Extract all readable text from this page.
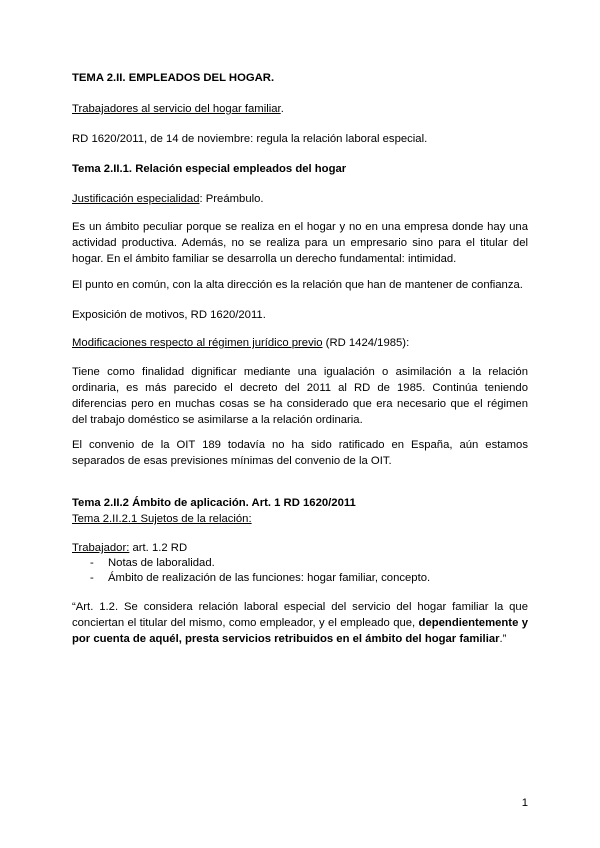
TEMA 2.II. EMPLEADOS DEL HOGAR.

Trabajadores al servicio del hogar familiar.

RD 1620/2011, de 14 de noviembre: regula la relación laboral especial.

Tema 2.II.1. Relación especial empleados del hogar

Justificación especialidad: Preámbulo.

Es un ámbito peculiar porque se realiza en el hogar y no en una empresa donde hay una actividad productiva. Además, no se realiza para un empresario sino para el titular del hogar. En el ámbito familiar se desarrolla un derecho fundamental: intimidad.

El punto en común, con la alta dirección es la relación que han de mantener de confianza.

Exposición de motivos, RD 1620/2011.

Modificaciones respecto al régimen jurídico previo (RD 1424/1985):

Tiene como finalidad dignificar mediante una igualación o asimilación a la relación ordinaria, es más parecido el decreto del 2011 al RD de 1985. Continúa teniendo diferencias pero en muchas cosas se ha considerado que era necesario que el régimen del trabajo doméstico se asimilarse a la relación ordinaria.

El convenio de la OIT 189 todavía no ha sido ratificado en España, aún estamos separados de esas previsiones mínimas del convenio de la OIT.

Tema 2.II.2 Ámbito de aplicación. Art. 1 RD 1620/2011

Tema 2.II.2.1 Sujetos de la relación:

Trabajador: art. 1.2 RD

- Notas de laboralidad.
- Ámbito de realización de las funciones: hogar familiar, concepto.

“Art. 1.2. Se considera relación laboral especial del servicio del hogar familiar la que conciertan el titular del mismo, como empleador, y el empleado que, dependientemente y por cuenta de aquél, presta servicios retribuidos en el ámbito del hogar familiar.”

1
